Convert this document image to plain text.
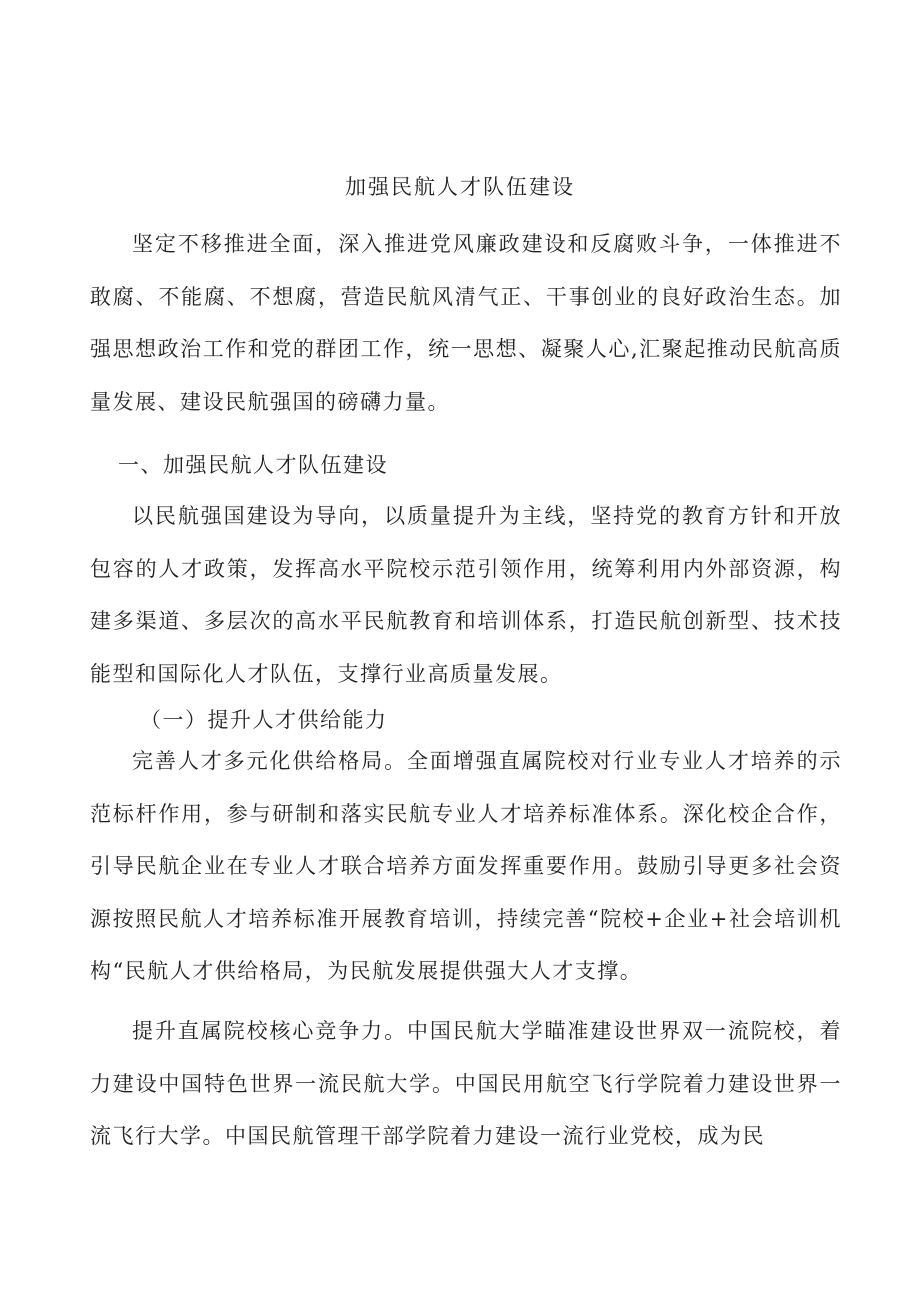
加强民航人才队伍建设

坚定不移推进全面，深入推进党风廉政建设和反腐败斗争，一体推进不敢腐、不能腐、不想腐，营造民航风清气正、干事创业的良好政治生态。加强思想政治工作和党的群团工作，统一思想、凝聚人心,汇聚起推动民航高质量发展、建设民航强国的磅礴力量。

一、加强民航人才队伍建设

以民航强国建设为导向，以质量提升为主线，坚持党的教育方针和开放包容的人才政策，发挥高水平院校示范引领作用，统筹利用内外部资源，构建多渠道、多层次的高水平民航教育和培训体系，打造民航创新型、技术技能型和国际化人才队伍，支撑行业高质量发展。

（一）提升人才供给能力

完善人才多元化供给格局。全面增强直属院校对行业专业人才培养的示范标杆作用，参与研制和落实民航专业人才培养标准体系。深化校企合作，引导民航企业在专业人才联合培养方面发挥重要作用。鼓励引导更多社会资源按照民航人才培养标准开展教育培训，持续完善“院校+企业+社会培训机构“民航人才供给格局，为民航发展提供强大人才支撑。

提升直属院校核心竞争力。中国民航大学瞄准建设世界双一流院校，着力建设中国特色世界一流民航大学。中国民用航空飞行学院着力建设世界一流飞行大学。中国民航管理干部学院着力建设一流行业党校，成为民
